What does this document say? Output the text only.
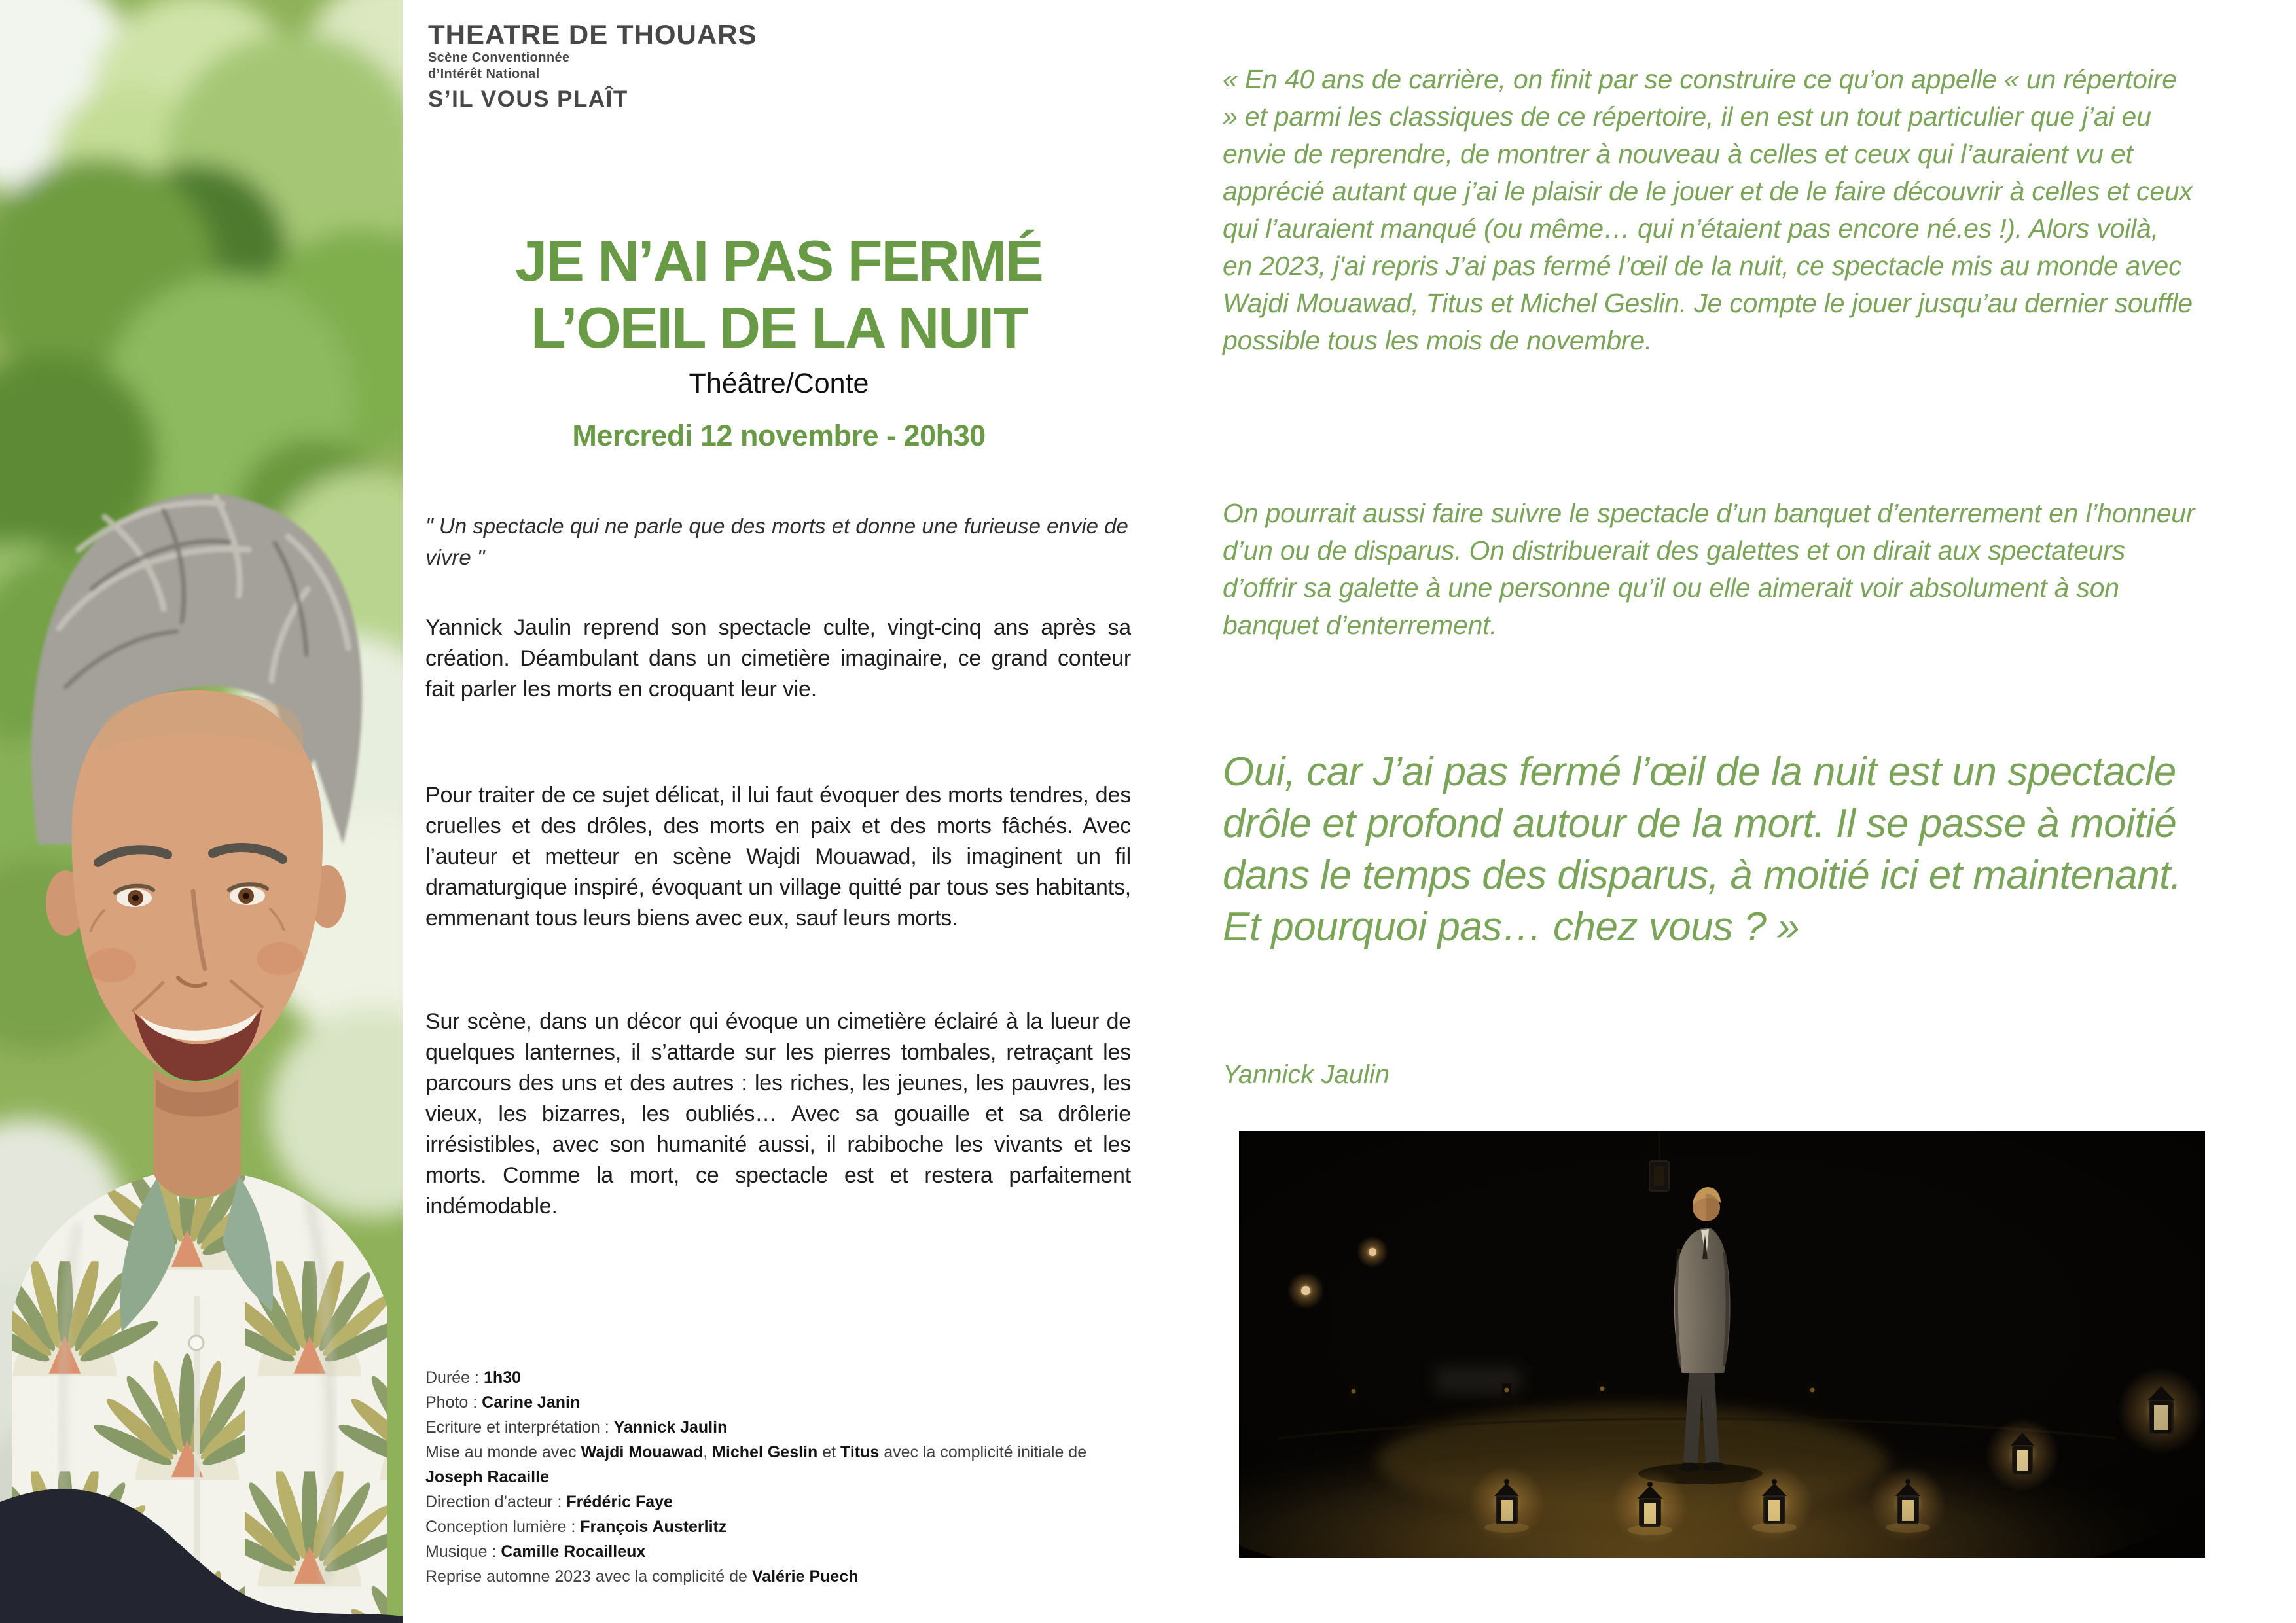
THEATRE DE THOUARS
Scène Conventionnée
d’Intérêt National
S’IL VOUS PLAÎT
JE N’AI PAS FERMÉ
L’OEIL DE LA NUIT
Théâtre/Conte
Mercredi 12 novembre - 20h30

" Un spectacle qui ne parle que des morts et donne une furieuse envie de vivre "

Yannick Jaulin reprend son spectacle culte, vingt-cinq ans après sa création. Déambulant dans un cimetière imaginaire, ce grand conteur fait parler les morts en croquant leur vie.

Pour traiter de ce sujet délicat, il lui faut évoquer des morts tendres, des cruelles et des drôles, des morts en paix et des morts fâchés. Avec l’auteur et metteur en scène Wajdi Mouawad, ils imaginent un fil dramaturgique inspiré, évoquant un village quitté par tous ses habitants, emmenant tous leurs biens avec eux, sauf leurs morts.

Sur scène, dans un décor qui évoque un cimetière éclairé à la lueur de quelques lanternes, il s’attarde sur les pierres tombales, retraçant les parcours des uns et des autres : les riches, les jeunes, les pauvres, les vieux, les bizarres, les oubliés… Avec sa gouaille et sa drôlerie irrésistibles, avec son humanité aussi, il rabiboche les vivants et les morts. Comme la mort, ce spectacle est et restera parfaitement indémodable.

Durée : 1h30

Photo : Carine Janin

Ecriture et interprétation : Yannick Jaulin

Mise au monde avec Wajdi Mouawad, Michel Geslin et Titus avec la complicité initiale de Joseph Racaille

Direction d’acteur : Frédéric Faye

Conception lumière : François Austerlitz

Musique : Camille Rocailleux

Reprise automne 2023 avec la complicité de Valérie Puech

« En 40 ans de carrière, on finit par se construire ce qu’on appelle « un répertoire » et parmi les classiques de ce répertoire, il en est un tout particulier que j’ai eu envie de reprendre, de montrer à nouveau à celles et ceux qui l’auraient vu et apprécié autant que j’ai le plaisir de le jouer et de le faire découvrir à celles et ceux qui l’auraient manqué (ou même… qui n’étaient pas encore né.es !). Alors voilà, en 2023, j'ai repris J’ai pas fermé l’œil de la nuit, ce spectacle mis au monde avec Wajdi Mouawad, Titus et Michel Geslin. Je compte le jouer jusqu’au dernier souffle possible tous les mois de novembre.

On pourrait aussi faire suivre le spectacle d’un banquet d’enterrement en l’honneur d’un ou de disparus. On distribuerait des galettes et on dirait aux spectateurs d’offrir sa galette à une personne qu’il ou elle aimerait voir absolument à son banquet d’enterrement.

Oui, car J’ai pas fermé l’œil de la nuit est un spectacle drôle et profond autour de la mort. Il se passe à moitié dans le temps des disparus, à moitié ici et maintenant. Et pourquoi pas… chez vous ? »

Yannick Jaulin
